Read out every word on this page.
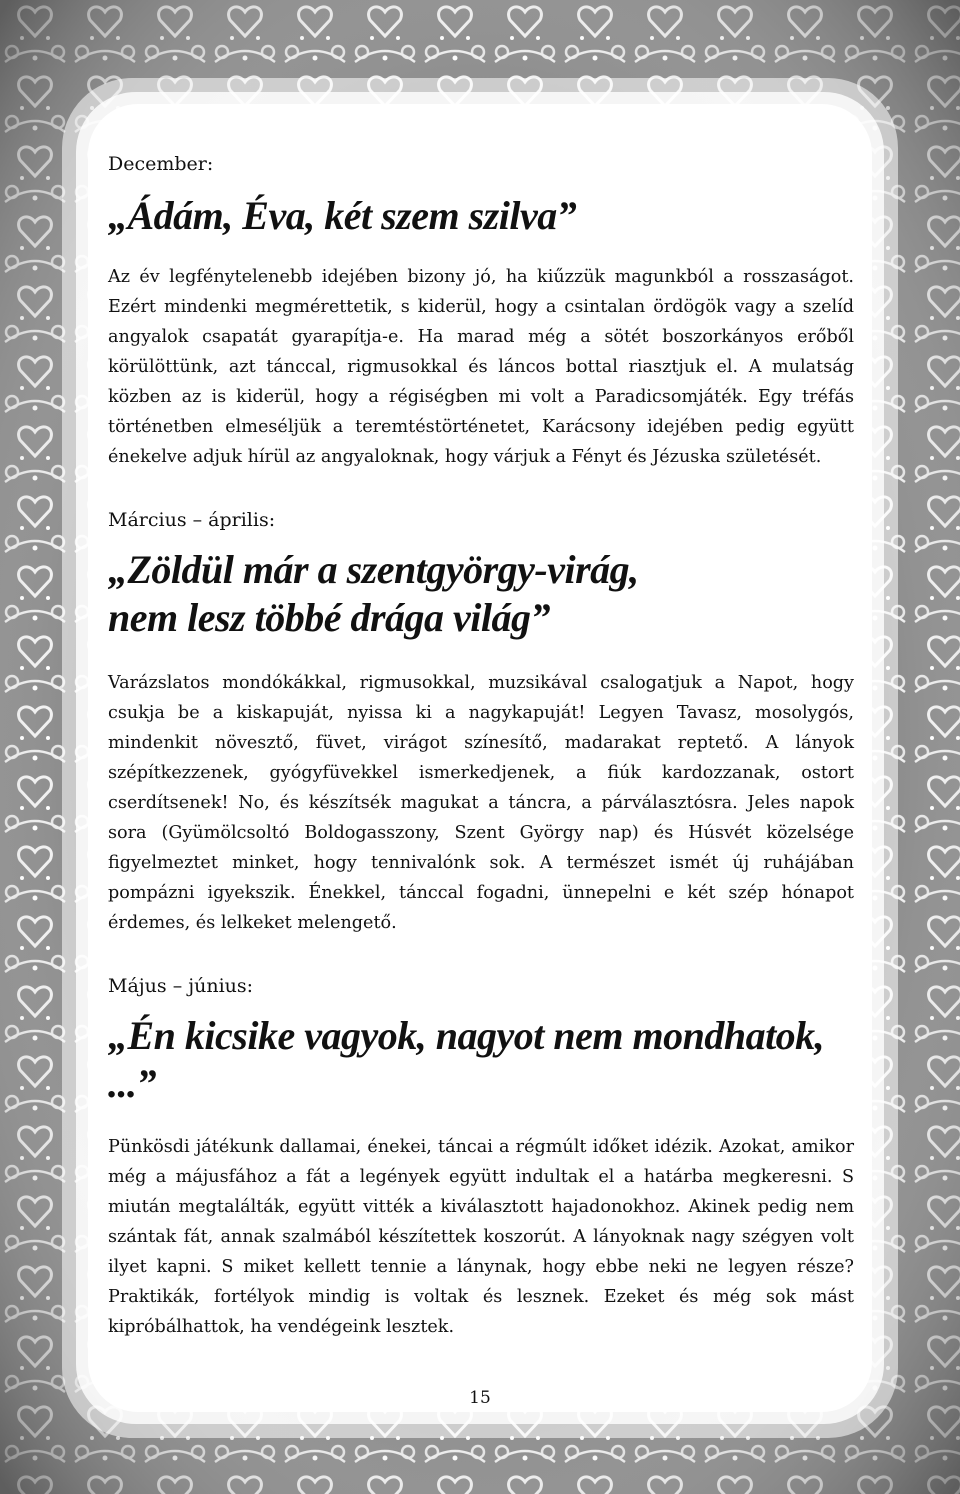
December:

„Ádám, Éva, két szem szilva”

Az év legfénytelenebb idejében bizony jó, ha kiűzzük magunkból a rosszaságot. Ezért mindenki megmérettetik, s kiderül, hogy a csintalan ördögök vagy a szelíd angyalok csapatát gyarapítja-e. Ha marad még a sötét boszorkányos erőből körülöttünk, azt tánccal, rigmusokkal és láncos bottal riasztjuk el. A mulatság közben az is kiderül, hogy a régiségben mi volt a Paradicsomjáték. Egy tréfás történetben elmeséljük a teremtéstörténetet, Karácsony idejében pedig együtt énekelve adjuk hírül az angyaloknak, hogy várjuk a Fényt és Jézuska születését.

Március – április:

„Zöldül már a szentgyörgy-virág,
nem lesz többé drága világ”

Varázslatos mondókákkal, rigmusokkal, muzsikával csalogatjuk a Napot, hogy csukja be a kiskapuját, nyissa ki a nagykapuját! Legyen Tavasz, mosolygós, mindenkit növesztő, füvet, virágot színesítő, madarakat reptető. A lányok szépítkezzenek, gyógyfüvekkel ismerkedjenek, a fiúk kardozzanak, ostort cserdítsenek! No, és készítsék magukat a táncra, a párválasztósra. Jeles napok sora (Gyümölcsoltó Boldogasszony, Szent György nap) és Húsvét közelsége figyelmeztet minket, hogy tennivalónk sok. A természet ismét új ruhájában pompázni igyekszik. Énekkel, tánccal fogadni, ünnepelni e két szép hónapot érdemes, és lelkeket melengető.

Május – június:

„Én kicsike vagyok, nagyot nem mondhatok, ...”

Pünkösdi játékunk dallamai, énekei, táncai a régmúlt időket idézik. Azokat, amikor még a májusfához a fát a legények együtt indultak el a határba megkeresni. S miután megtalálták, együtt vitték a kiválasztott hajadonokhoz. Akinek pedig nem szántak fát, annak szalmából készítettek koszorút. A lányoknak nagy szégyen volt ilyet kapni. S miket kellett tennie a lánynak, hogy ebbe neki ne legyen része? Praktikák, fortélyok mindig is voltak és lesznek. Ezeket és még sok mást kipróbálhattok, ha vendégeink lesztek.

15
